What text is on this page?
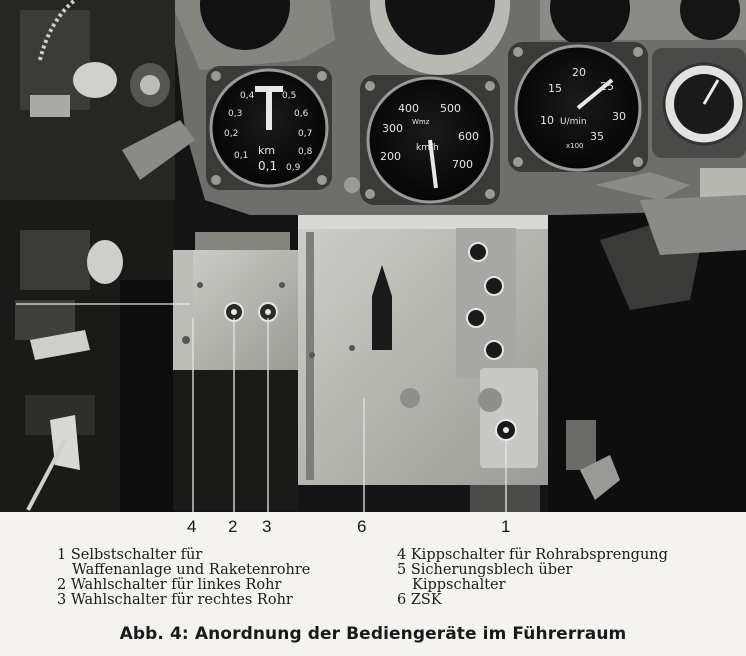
0,4	0,5
0,3	0,6
0,2	0,7
0,8
0,9
0,1 km
0,1
400 500
300
600
200
700
Wmz
km/h
15
20
25
10	30
35
U/min
x100
5
4 2 3	6	1
1 Selbstschalter für
Waffenanlage und Raketenrohre
2 Wahlschalter für linkes Rohr
3 Wahlschalter für rechtes Rohr
4 Kippschalter für Rohrabsprengung
5 Sicherungsblech über
Kippschalter
6 ZSK
Abb. 4: Anordnung der Bediengeräte im Führerraum
